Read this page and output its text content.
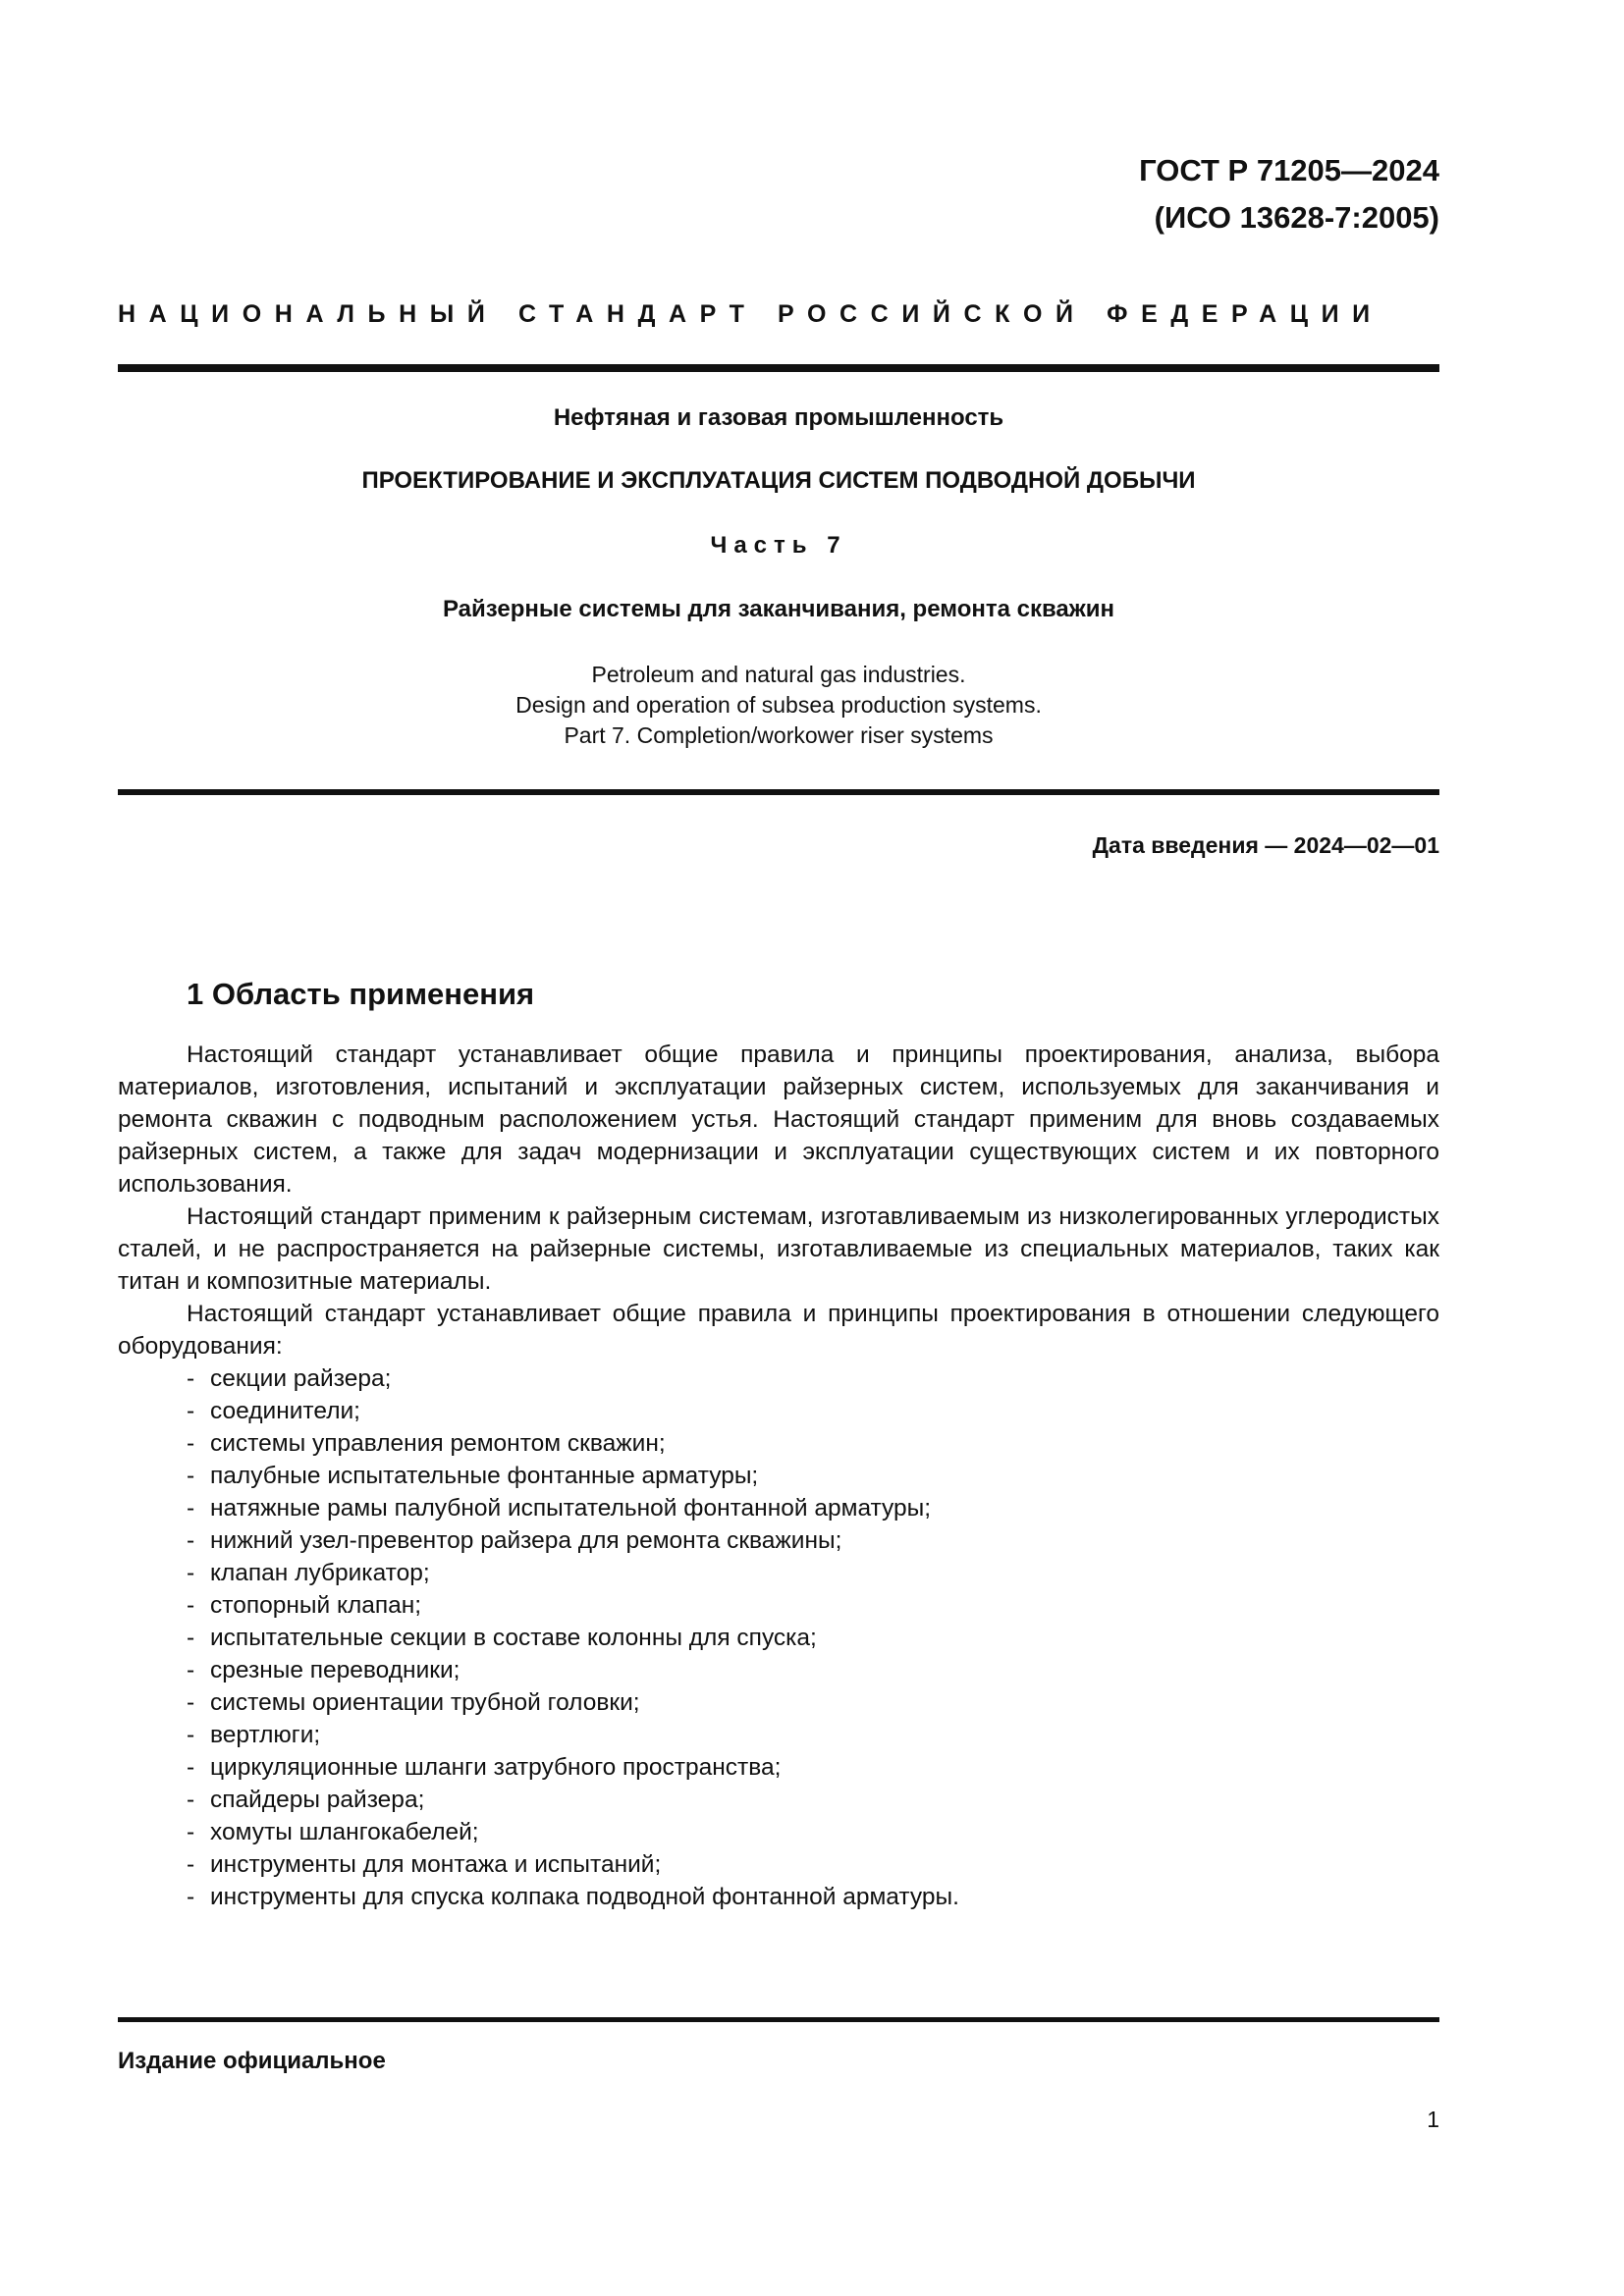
ГОСТ Р 71205—2024
(ИСО 13628-7:2005)
НАЦИОНАЛЬНЫЙ СТАНДАРТ РОССИЙСКОЙ ФЕДЕРАЦИИ
Нефтяная и газовая промышленность
ПРОЕКТИРОВАНИЕ И ЭКСПЛУАТАЦИЯ СИСТЕМ ПОДВОДНОЙ ДОБЫЧИ
Часть 7
Райзерные системы для заканчивания, ремонта скважин
Petroleum and natural gas industries.
Design and operation of subsea production systems.
Part 7. Completion/workower riser systems
Дата введения — 2024—02—01
1 Область применения

Настоящий стандарт устанавливает общие правила и принципы проектирования, анализа, выбора материалов, изготовления, испытаний и эксплуатации райзерных систем, используемых для заканчивания и ремонта скважин с подводным расположением устья. Настоящий стандарт применим для вновь создаваемых райзерных систем, а также для задач модернизации и эксплуатации существующих систем и их повторного использования.

Настоящий стандарт применим к райзерным системам, изготавливаемым из низколегированных углеродистых сталей, и не распространяется на райзерные системы, изготавливаемые из специальных материалов, таких как титан и композитные материалы.

Настоящий стандарт устанавливает общие правила и принципы проектирования в отношении следующего оборудования:

- секции райзера;
- соединители;
- системы управления ремонтом скважин;
- палубные испытательные фонтанные арматуры;
- натяжные рамы палубной испытательной фонтанной арматуры;
- нижний узел-превентор райзера для ремонта скважины;
- клапан лубрикатор;
- стопорный клапан;
- испытательные секции в составе колонны для спуска;
- срезные переводники;
- системы ориентации трубной головки;
- вертлюги;
- циркуляционные шланги затрубного пространства;
- спайдеры райзера;
- хомуты шлангокабелей;
- инструменты для монтажа и испытаний;
- инструменты для спуска колпака подводной фонтанной арматуры.
Издание официальное
1
